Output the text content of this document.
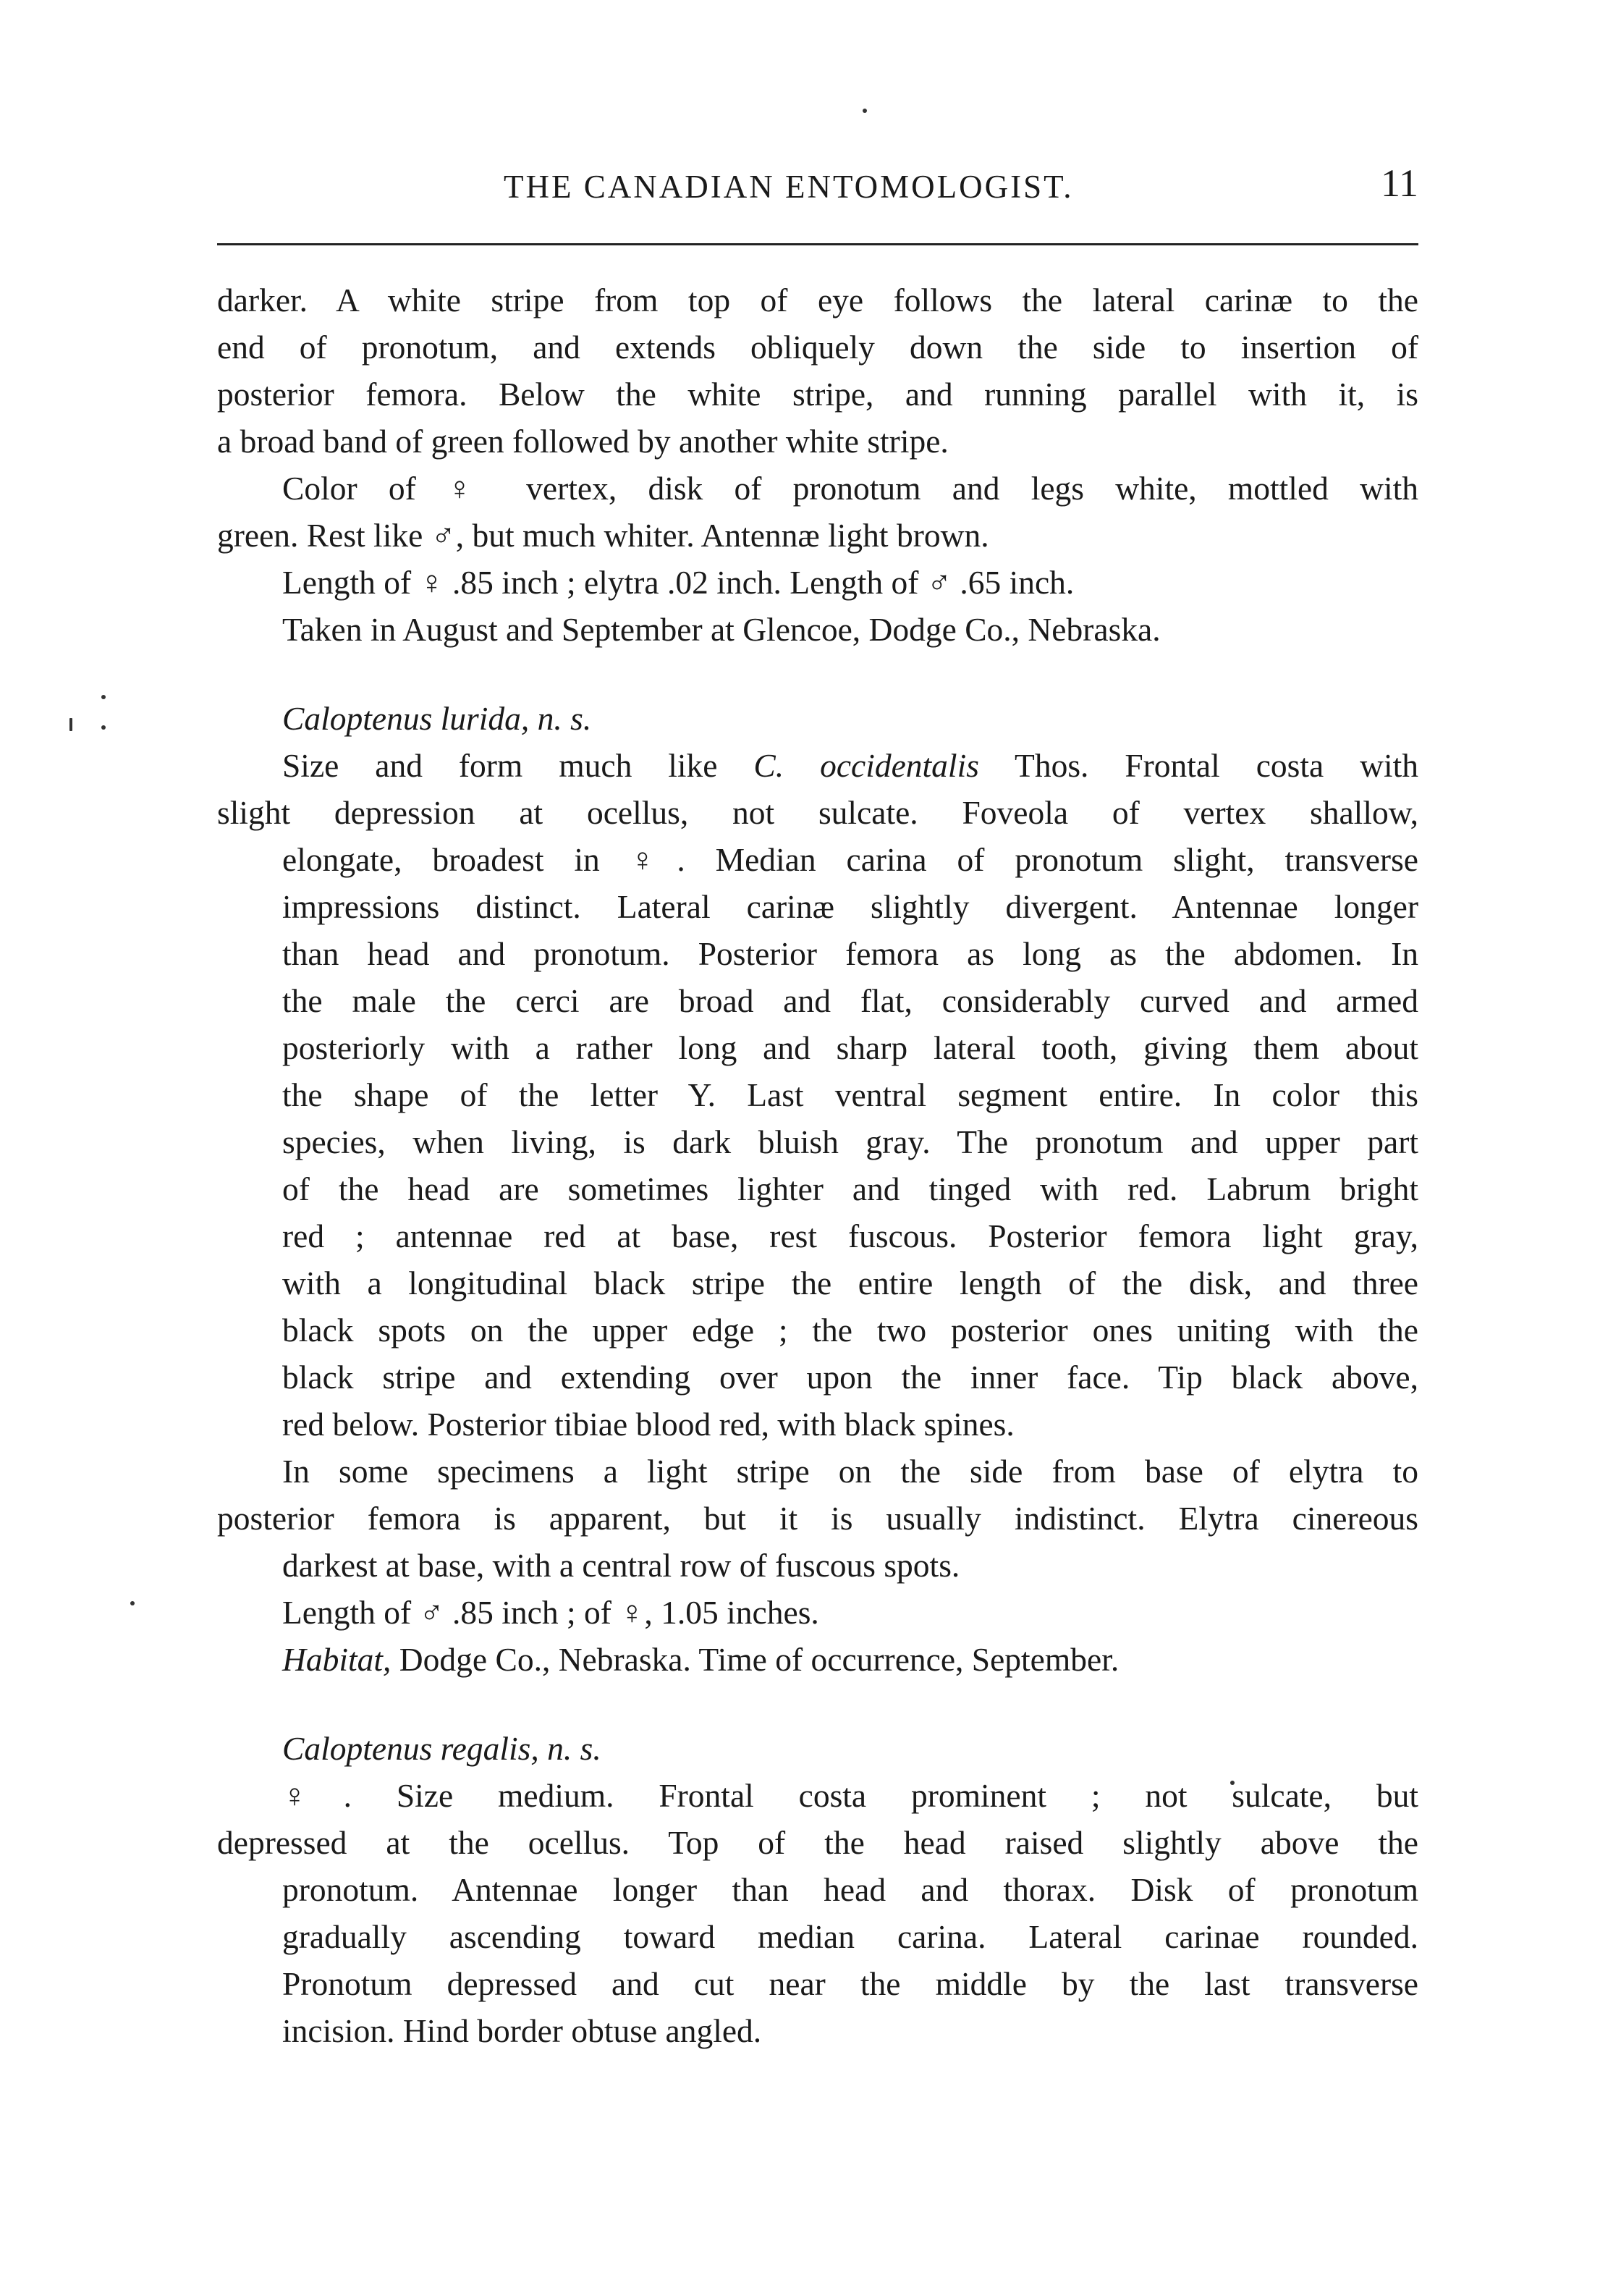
THE CANADIAN ENTOMOLOGIST.	11

darker. A white stripe from top of eye follows the lateral carinæ to the
end of pronotum, and extends obliquely down the side to insertion of
posterior femora. Below the white stripe, and running parallel with it, is
a broad band of green followed by another white stripe.

Color of ♀ vertex, disk of pronotum and legs white, mottled with
green. Rest like ♂, but much whiter. Antennæ light brown.

Length of ♀ .85 inch ; elytra .02 inch. Length of ♂ .65 inch.

Taken in August and September at Glencoe, Dodge Co., Nebraska.

Caloptenus lurida, n. s.

Size and form much like C. occidentalis Thos. Frontal costa with
slight depression at ocellus, not sulcate. Foveola of vertex shallow,
elongate, broadest in ♀. Median carina of pronotum slight, transverse
impressions distinct. Lateral carinæ slightly divergent. Antennae longer
than head and pronotum. Posterior femora as long as the abdomen. In
the male the cerci are broad and flat, considerably curved and armed
posteriorly with a rather long and sharp lateral tooth, giving them about
the shape of the letter Y. Last ventral segment entire. In color this
species, when living, is dark bluish gray. The pronotum and upper part
of the head are sometimes lighter and tinged with red. Labrum bright
red ; antennae red at base, rest fuscous. Posterior femora light gray,
with a longitudinal black stripe the entire length of the disk, and three
black spots on the upper edge ; the two posterior ones uniting with the
black stripe and extending over upon the inner face. Tip black above,
red below. Posterior tibiae blood red, with black spines.

In some specimens a light stripe on the side from base of elytra to
posterior femora is apparent, but it is usually indistinct. Elytra cinereous
darkest at base, with a central row of fuscous spots.

Length of ♂ .85 inch ; of ♀, 1.05 inches.

Habitat, Dodge Co., Nebraska. Time of occurrence, September.

Caloptenus regalis, n. s.

♀. Size medium. Frontal costa prominent ; not sulcate, but
depressed at the ocellus. Top of the head raised slightly above the
pronotum. Antennae longer than head and thorax. Disk of pronotum
gradually ascending toward median carina. Lateral carinae rounded.
Pronotum depressed and cut near the middle by the last transverse
incision. Hind border obtuse angled.
